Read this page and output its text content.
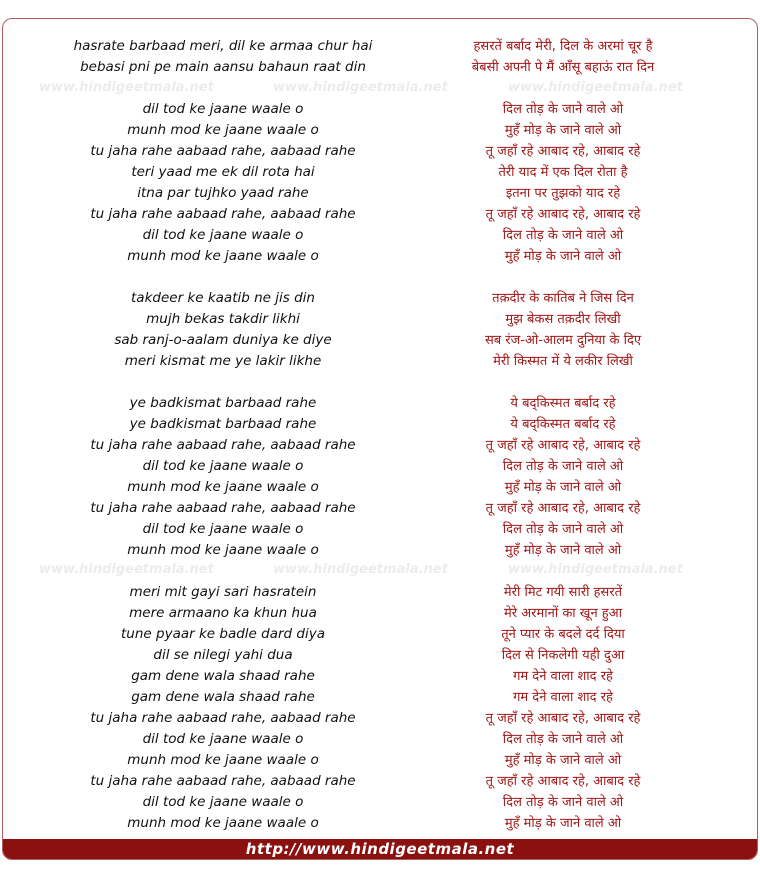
www.hindigeetmala.net	www.hindigeetmala.net	www.hindigeetmala.net
www.hindigeetmala.net	www.hindigeetmala.net	www.hindigeetmala.net
hasrate barbaad meri, dil ke armaa chur hai	हसरतें बर्बाद मेरी, दिल के अरमां चूर है
bebasi pni pe main aansu bahaun raat din	बेबसी अपनी पे मैं आँसू बहाऊं रात दिन
dil tod ke jaane waale o	दिल तोड़ के जाने वाले ओ
munh mod ke jaane waale o	मुहँ मोड़ के जाने वाले ओ
tu jaha rahe aabaad rahe, aabaad rahe	तू जहाँ रहे आबाद रहे, आबाद रहे
teri yaad me ek dil rota hai	तेरी याद में एक दिल रोता है
itna par tujhko yaad rahe	इतना पर तुझको याद रहे
tu jaha rahe aabaad rahe, aabaad rahe	तू जहाँ रहे आबाद रहे, आबाद रहे
dil tod ke jaane waale o	दिल तोड़ के जाने वाले ओ
munh mod ke jaane waale o	मुहँ मोड़ के जाने वाले ओ
takdeer ke kaatib ne jis din	तक़दीर के कातिब ने जिस दिन
mujh bekas takdir likhi	मुझ बेकस तक़दीर लिखी
sab ranj-o-aalam duniya ke diye	सब रंज-ओ-आलम दुनिया के दिए
meri kismat me ye lakir likhe	मेरी किस्मत में ये लकीर लिखी
ye badkismat barbaad rahe	ये बद्किस्मत बर्बाद रहे
ye badkismat barbaad rahe	ये बद्किस्मत बर्बाद रहे
tu jaha rahe aabaad rahe, aabaad rahe	तू जहाँ रहे आबाद रहे, आबाद रहे
dil tod ke jaane waale o	दिल तोड़ के जाने वाले ओ
munh mod ke jaane waale o	मुहँ मोड़ के जाने वाले ओ
tu jaha rahe aabaad rahe, aabaad rahe	तू जहाँ रहे आबाद रहे, आबाद रहे
dil tod ke jaane waale o	दिल तोड़ के जाने वाले ओ
munh mod ke jaane waale o	मुहँ मोड़ के जाने वाले ओ
meri mit gayi sari hasratein	मेरी मिट गयी सारी हसरतें
mere armaano ka khun hua	मेरे अरमानों का खून हुआ
tune pyaar ke badle dard diya	तूने प्यार के बदले दर्द दिया
dil se nilegi yahi dua	दिल से निकलेगी यही दुआ
gam dene wala shaad rahe	गम देने वाला शाद रहे
gam dene wala shaad rahe	गम देने वाला शाद रहे
tu jaha rahe aabaad rahe, aabaad rahe	तू जहाँ रहे आबाद रहे, आबाद रहे
dil tod ke jaane waale o	दिल तोड़ के जाने वाले ओ
munh mod ke jaane waale o	मुहँ मोड़ के जाने वाले ओ
tu jaha rahe aabaad rahe, aabaad rahe	तू जहाँ रहे आबाद रहे, आबाद रहे
dil tod ke jaane waale o	दिल तोड़ के जाने वाले ओ
munh mod ke jaane waale o	मुहँ मोड़ के जाने वाले ओ
http://www.hindigeetmala.net
